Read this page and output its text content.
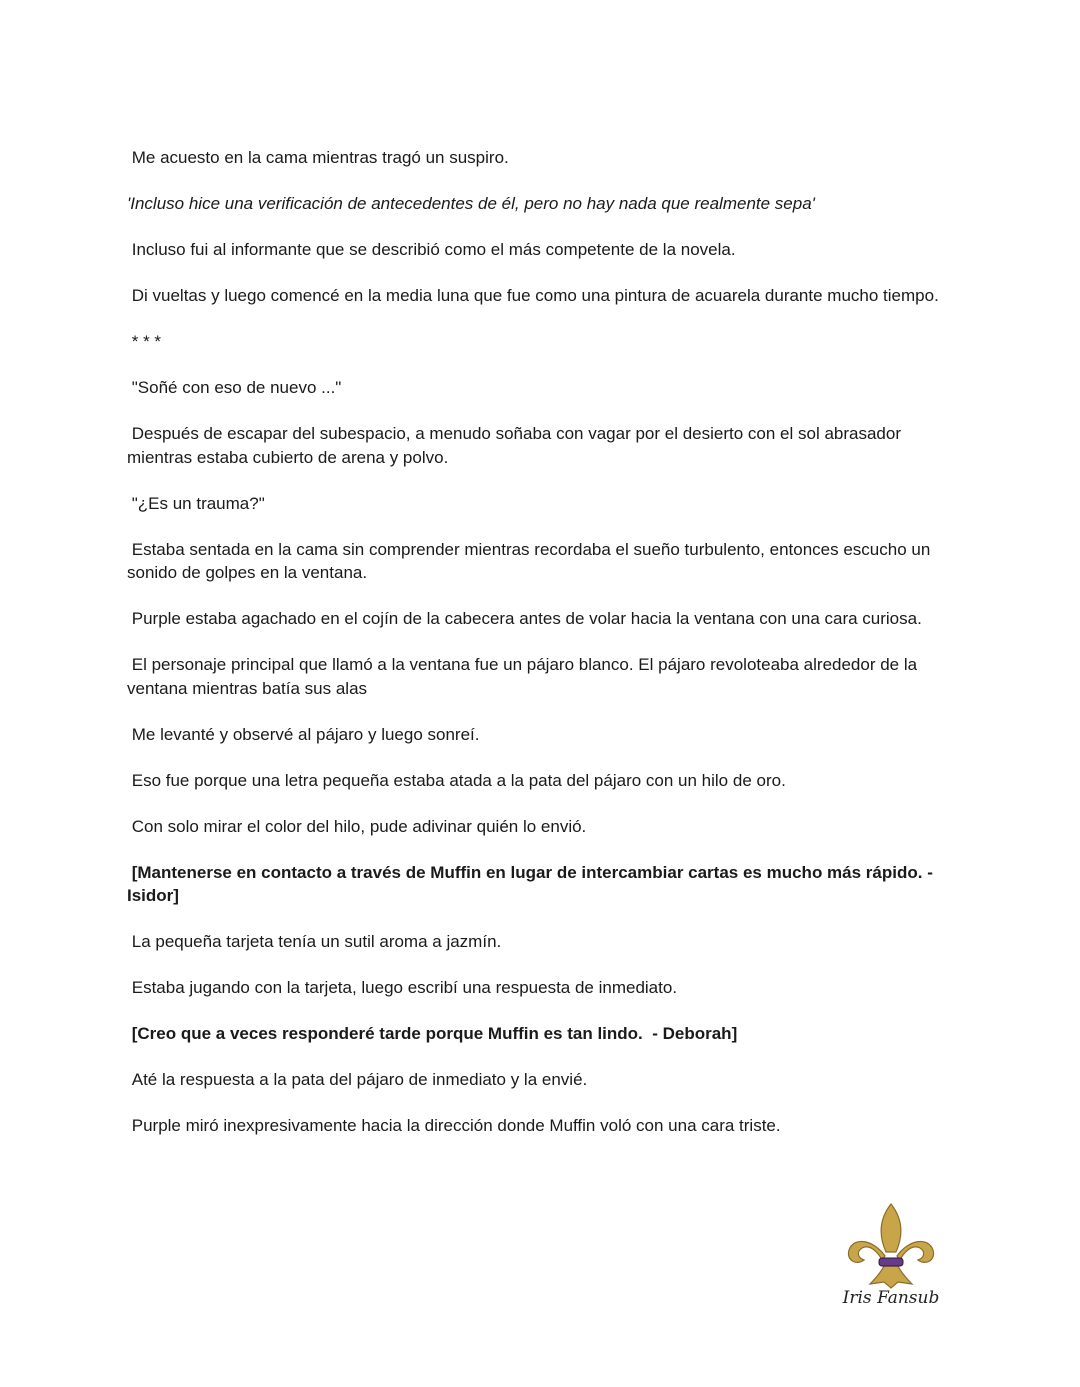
Me acuesto en la cama mientras tragó un suspiro.

'Incluso hice una verificación de antecedentes de él, pero no hay nada que realmente sepa'

Incluso fui al informante que se describió como el más competente de la novela.

Di vueltas y luego comencé en la media luna que fue como una pintura de acuarela durante mucho tiempo.

* * *

"Soñé con eso de nuevo ..."

Después de escapar del subespacio, a menudo soñaba con vagar por el desierto con el sol abrasador mientras estaba cubierto de arena y polvo.

"¿Es un trauma?"

Estaba sentada en la cama sin comprender mientras recordaba el sueño turbulento, entonces escucho un sonido de golpes en la ventana.

Purple estaba agachado en el cojín de la cabecera antes de volar hacia la ventana con una cara curiosa.

El personaje principal que llamó a la ventana fue un pájaro blanco. El pájaro revoloteaba alrededor de la ventana mientras batía sus alas

Me levanté y observé al pájaro y luego sonreí.

Eso fue porque una letra pequeña estaba atada a la pata del pájaro con un hilo de oro.

Con solo mirar el color del hilo, pude adivinar quién lo envió.

[Mantenerse en contacto a través de Muffin en lugar de intercambiar cartas es mucho más rápido. - Isidor]

La pequeña tarjeta tenía un sutil aroma a jazmín.

Estaba jugando con la tarjeta, luego escribí una respuesta de inmediato.

[Creo que a veces responderé tarde porque Muffin es tan lindo.  - Deborah]

Até la respuesta a la pata del pájaro de inmediato y la envié.

Purple miró inexpresivamente hacia la dirección donde Muffin voló con una cara triste.

Iris Fansub
